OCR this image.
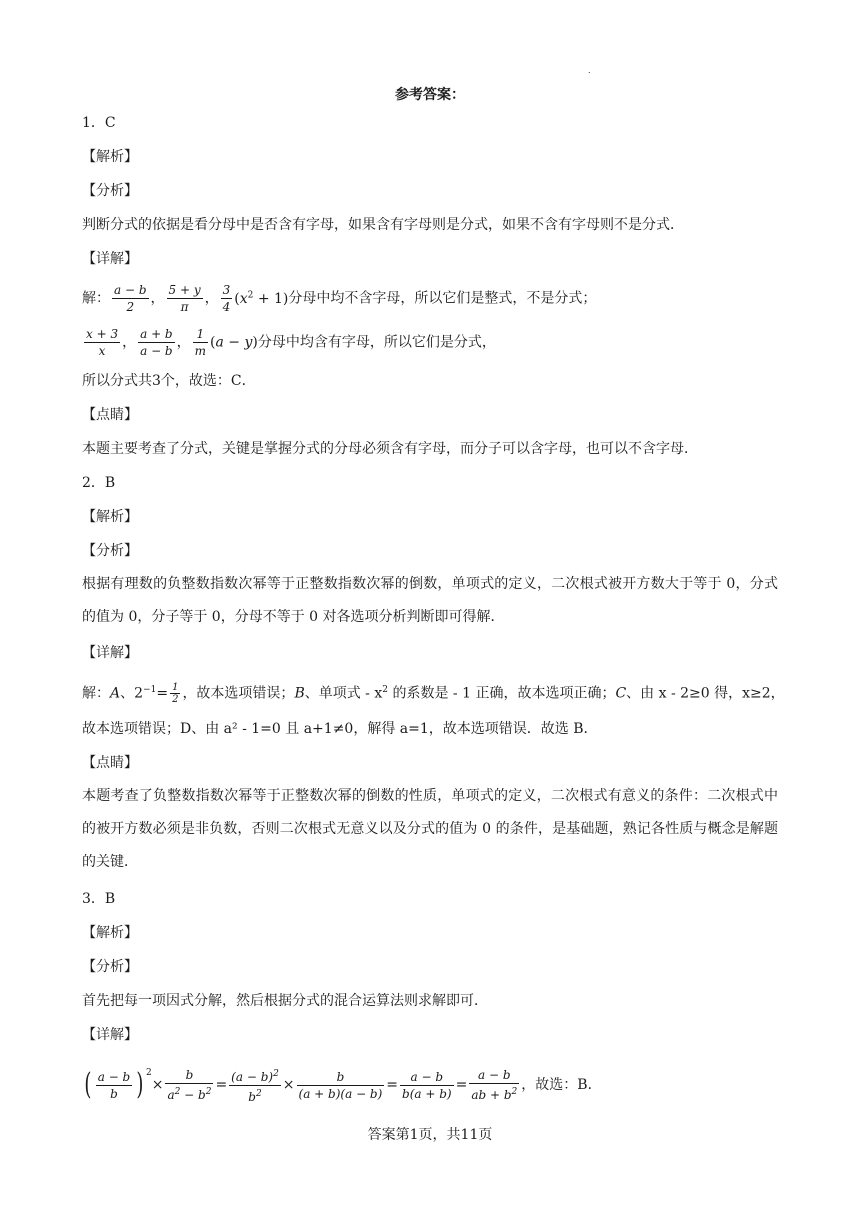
.
参考答案：
1．C
【解析】
【分析】
判断分式的依据是看分母中是否含有字母，如果含有字母则是分式，如果不含有字母则不是分式．
【详解】
解： $\frac{a - b}{2}$ ， $\frac{5 + y}{\pi}$ ， $\frac{3}{4} (x^2 + 1)$分母中均不含字母，所以它们是整式，不是分式；
$\frac{x + 3}{x}$ ， $\frac{a + b}{a - b}$ ， $\frac{1}{m} (a - y)$分母中均含有字母，所以它们是分式，
所以分式共3个，故选：C．
【点睛】
本题主要考查了分式，关键是掌握分式的分母必须含有字母，而分子可以含字母，也可以不含字母．
2．B
【解析】
【分析】
根据有理数的负整数指数次幂等于正整数指数次幂的倒数，单项式的定义，二次根式被开方数大于等于 0，分式的值为 0，分子等于 0，分母不等于 0 对各选项分析判断即可得解．
【详解】
解：A、$2^{-1}= \frac{1}{2}$ ，故本选项错误；B、单项式 - $x^2$ 的系数是 - 1 正确，故本选项正确；C、由 x - 2≥0 得，x≥2，
故本选项错误；D、由 a² - 1=0 且 a+1≠0，解得 a=1，故本选项错误．故选 B．
【点睛】
本题考查了负整数指数次幂等于正整数次幂的倒数的性质，单项式的定义，二次根式有意义的条件：二次根式中的被开方数必须是非负数，否则二次根式无意义以及分式的值为 0 的条件，是基础题，熟记各性质与概念是解题的关键．
3．B
【解析】
【分析】
首先把每一项因式分解，然后根据分式的混合运算法则求解即可．
【详解】
( $\frac{a - b}{b}$ ) $^2\times \frac{b}{a^2 - b^2} = \frac{(a - b)^2}{b^2} \times \frac{b}{(a + b)(a - b)} = \frac{a - b}{b(a + b)} = \frac{a - b}{ab + b^2}$ ，故选：B．
答案第1页，共11页
